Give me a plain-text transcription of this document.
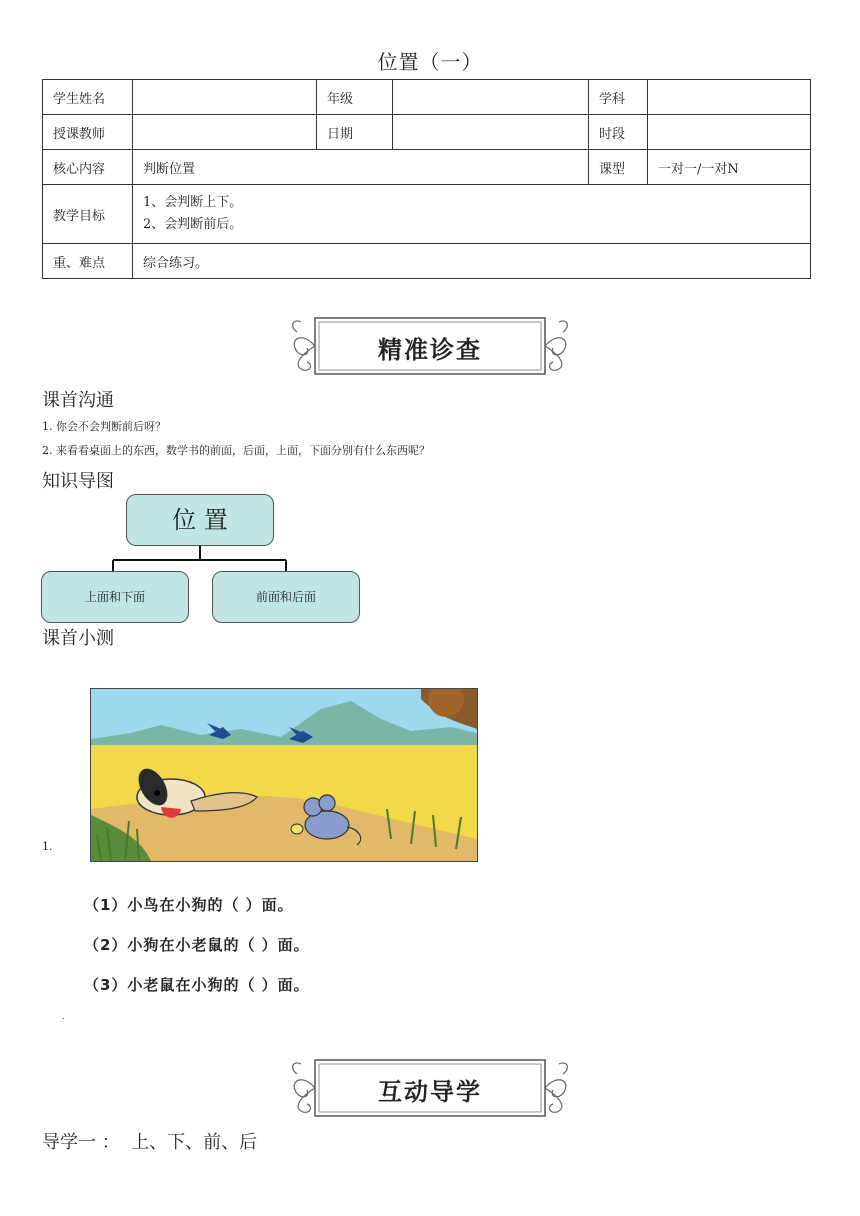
位置（一）
学生姓名		年级		学科	
授课教师		日期		时段	
核心内容	判断位置			课型	一对一/一对N
教学目标	1、会判断上下。
2、会判断前后。				

重、难点	综合练习。				
精准诊查
课首沟通
1. 你会不会判断前后呀？
2. 来看看桌面上的东西，数学书的前面，后面，上面，下面分别有什么东西呢？
知识导图
位 置
上面和下面	前面和后面
课首小测
1.
（1）小鸟在小狗的（ ）面。
（2）小狗在小老鼠的（ ）面。
（3）小老鼠在小狗的（ ）面。
.
互动导学
导学一 ：  上、下、前、后
